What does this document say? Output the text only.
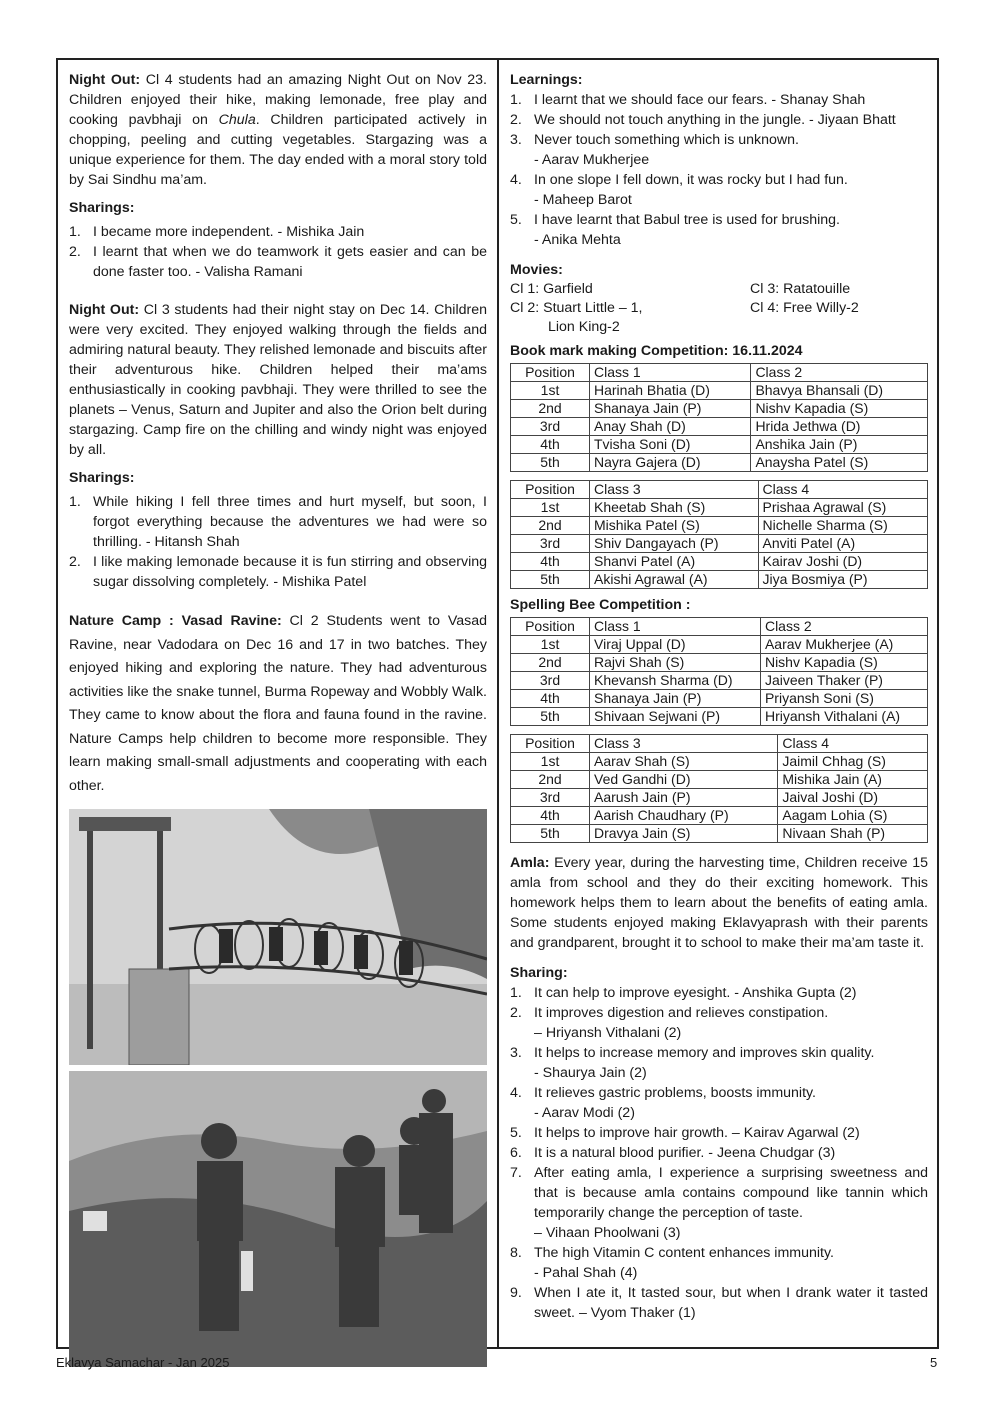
Night Out: Cl 4 students had an amazing Night Out on Nov 23. Children enjoyed their hike, making lemonade, free play and cooking pavbhaji on Chula. Children participated actively in chopping, peeling and cutting vegetables. Stargazing was a unique experience for them. The day ended with a moral story told by Sai Sindhu ma’am.

Sharings:
1. I became more independent. - Mishika Jain
2. I learnt that when we do teamwork it gets easier and can be done faster too. - Valisha Ramani

Night Out: Cl 3 students had their night stay on Dec 14. Children were very excited. They enjoyed walking through the fields and admiring natural beauty. They relished lemonade and biscuits after their adventurous hike. Children helped their ma’ams enthusiastically in cooking pavbhaji. They were thrilled to see the planets – Venus, Saturn and Jupiter and also the Orion belt during stargazing. Camp fire on the chilling and windy night was enjoyed by all.

Sharings:
1. While hiking I fell three times and hurt myself, but soon, I forgot everything because the adventures we had were so thrilling. - Hitansh Shah
2. I like making lemonade because it is fun stirring and observing sugar dissolving completely. - Mishika Patel

Nature Camp : Vasad Ravine: Cl 2 Students went to Vasad Ravine, near Vadodara on Dec 16 and 17 in two batches. They enjoyed hiking and exploring the nature. They had adventurous activities like the snake tunnel, Burma Ropeway and Wobbly Walk. They came to know about the flora and fauna found in the ravine. Nature Camps help children to become more responsible. They learn making small-small adjustments and cooperating with each other.

Learnings:
1. I learnt that we should face our fears. - Shanay Shah
2. We should not touch anything in the jungle. - Jiyaan Bhatt
3. Never touch something which is unknown.
- Aarav Mukherjee
4. In one slope I fell down, it was rocky but I had fun.
- Maheep Barot
5. I have learnt that Babul tree is used for brushing.
- Anika Mehta
Movies:
Cl 1: Garfield	Cl 3: Ratatouille
Cl 2: Stuart Little – 1,	Cl 4: Free Willy-2
Lion King-2
Book mark making Competition: 16.11.2024
Position	Class 1	Class 2
1st	Harinah Bhatia (D)	Bhavya Bhansali (D)
2nd	Shanaya Jain (P)	Nishv Kapadia (S)
3rd	Anay Shah (D)	Hrida Jethwa (D)
4th	Tvisha Soni (D)	Anshika Jain (P)
5th	Nayra Gajera (D)	Anaysha Patel (S)
Position	Class 3	Class 4
1st	Kheetab Shah (S)	Prishaa Agrawal (S)
2nd	Mishika Patel (S)	Nichelle Sharma (S)
3rd	Shiv Dangayach (P)	Anviti Patel (A)
4th	Shanvi Patel (A)	Kairav Joshi (D)
5th	Akishi Agrawal (A)	Jiya Bosmiya (P)
Spelling Bee Competition :
Position	Class 1	Class 2
1st	Viraj Uppal (D)	Aarav Mukherjee (A)
2nd	Rajvi Shah (S)	Nishv Kapadia (S)
3rd	Khevansh Sharma (D)	Jaiveen Thaker (P)
4th	Shanaya Jain (P)	Priyansh Soni (S)
5th	Shivaan Sejwani (P)	Hriyansh Vithalani (A)
Position	Class 3	Class 4
1st	Aarav Shah (S)	Jaimil Chhag (S)
2nd	Ved Gandhi (D)	Mishika Jain (A)
3rd	Aarush Jain (P)	Jaival Joshi (D)
4th	Aarish Chaudhary (P)	Aagam Lohia (S)
5th	Dravya Jain (S)	Nivaan Shah (P)

Amla: Every year, during the harvesting time, Children receive 15 amla from school and they do their exciting homework. This homework helps them to learn about the benefits of eating amla. Some students enjoyed making Eklavyaprash with their parents and grandparent, brought it to school to make their ma’am taste it.

Sharing:
1. It can help to improve eyesight. - Anshika Gupta (2)
2. It improves digestion and relieves constipation.
– Hriyansh Vithalani (2)
3. It helps to increase memory and improves skin quality.
- Shaurya Jain (2)
4. It relieves gastric problems, boosts immunity.
- Aarav Modi (2)
5. It helps to improve hair growth. – Kairav Agarwal (2)
6. It is a natural blood purifier. - Jeena Chudgar (3)
7. After eating amla, I experience a surprising sweetness and that is because amla contains compound like tannin which temporarily change the perception of taste.
– Vihaan Phoolwani (3)
8. The high Vitamin C content enhances immunity.
- Pahal Shah (4)
9. When I ate it, It tasted sour, but when I drank water it tasted sweet. – Vyom Thaker (1)
Eklavya Samachar - Jan 2025	5
